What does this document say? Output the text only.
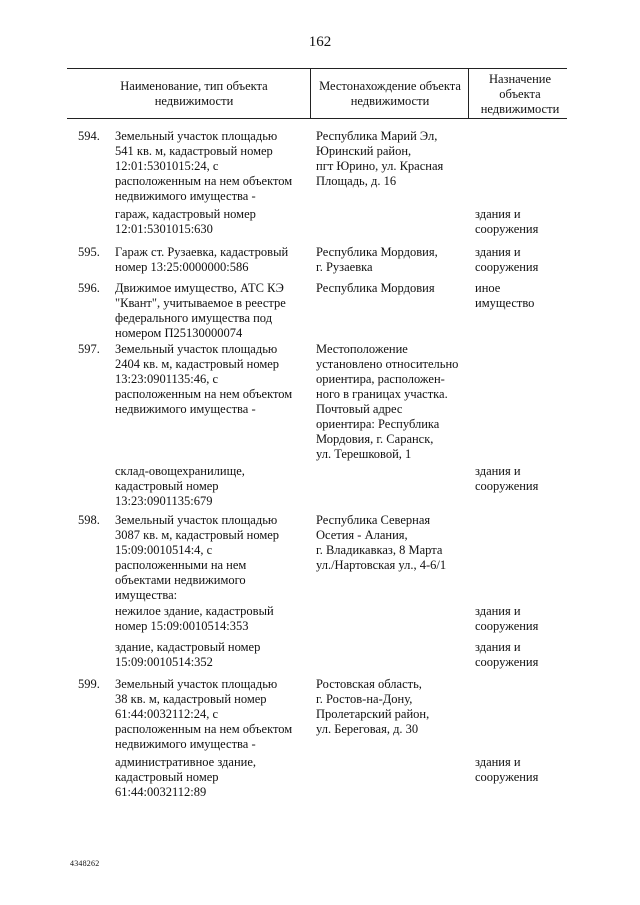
162
Наименование, тип объекта
недвижимости
Местонахождение объекта
недвижимости
Назначение
объекта
недвижимости
594. Земельный участок площадью
541 кв. м, кадастровый номер
12:01:5301015:24, с
расположенным на нем объектом
недвижимого имущества -
Республика Марий Эл,
Юринский район,
пгт Юрино, ул. Красная
Площадь, д. 16
гараж, кадастровый номер
12:01:5301015:630
здания и
сооружения
595. Гараж ст. Рузаевка, кадастровый
номер 13:25:0000000:586
Республика Мордовия,
г. Рузаевка
здания и
сооружения
596. Движимое имущество, АТС КЭ
"Квант", учитываемое в реестре
федерального имущества под
номером П25130000074
Республика Мордовия	иное
имущество
597. Земельный участок площадью
2404 кв. м, кадастровый номер
13:23:0901135:46, с
расположенным на нем объектом
недвижимого имущества -
Местоположение
установлено относительно
ориентира, расположен-
ного в границах участка.
Почтовый адрес
ориентира: Республика
Мордовия, г. Саранск,
ул. Терешковой, 1
склад-овощехранилище,
кадастровый номер
13:23:0901135:679
здания и
сооружения
598. Земельный участок площадью
3087 кв. м, кадастровый номер
15:09:0010514:4, с
расположенными на нем
объектами недвижимого
имущества:
Республика Северная
Осетия - Алания,
г. Владикавказ, 8 Марта
ул./Нартовская ул., 4-6/1
нежилое здание, кадастровый
номер 15:09:0010514:353
здания и
сооружения
здание, кадастровый номер
15:09:0010514:352
здания и
сооружения
599. Земельный участок площадью
38 кв. м, кадастровый номер
61:44:0032112:24, с
расположенным на нем объектом
недвижимого имущества -
Ростовская область,
г. Ростов-на-Дону,
Пролетарский район,
ул. Береговая, д. 30
административное здание,
кадастровый номер
61:44:0032112:89
здания и
сооружения
4348262
